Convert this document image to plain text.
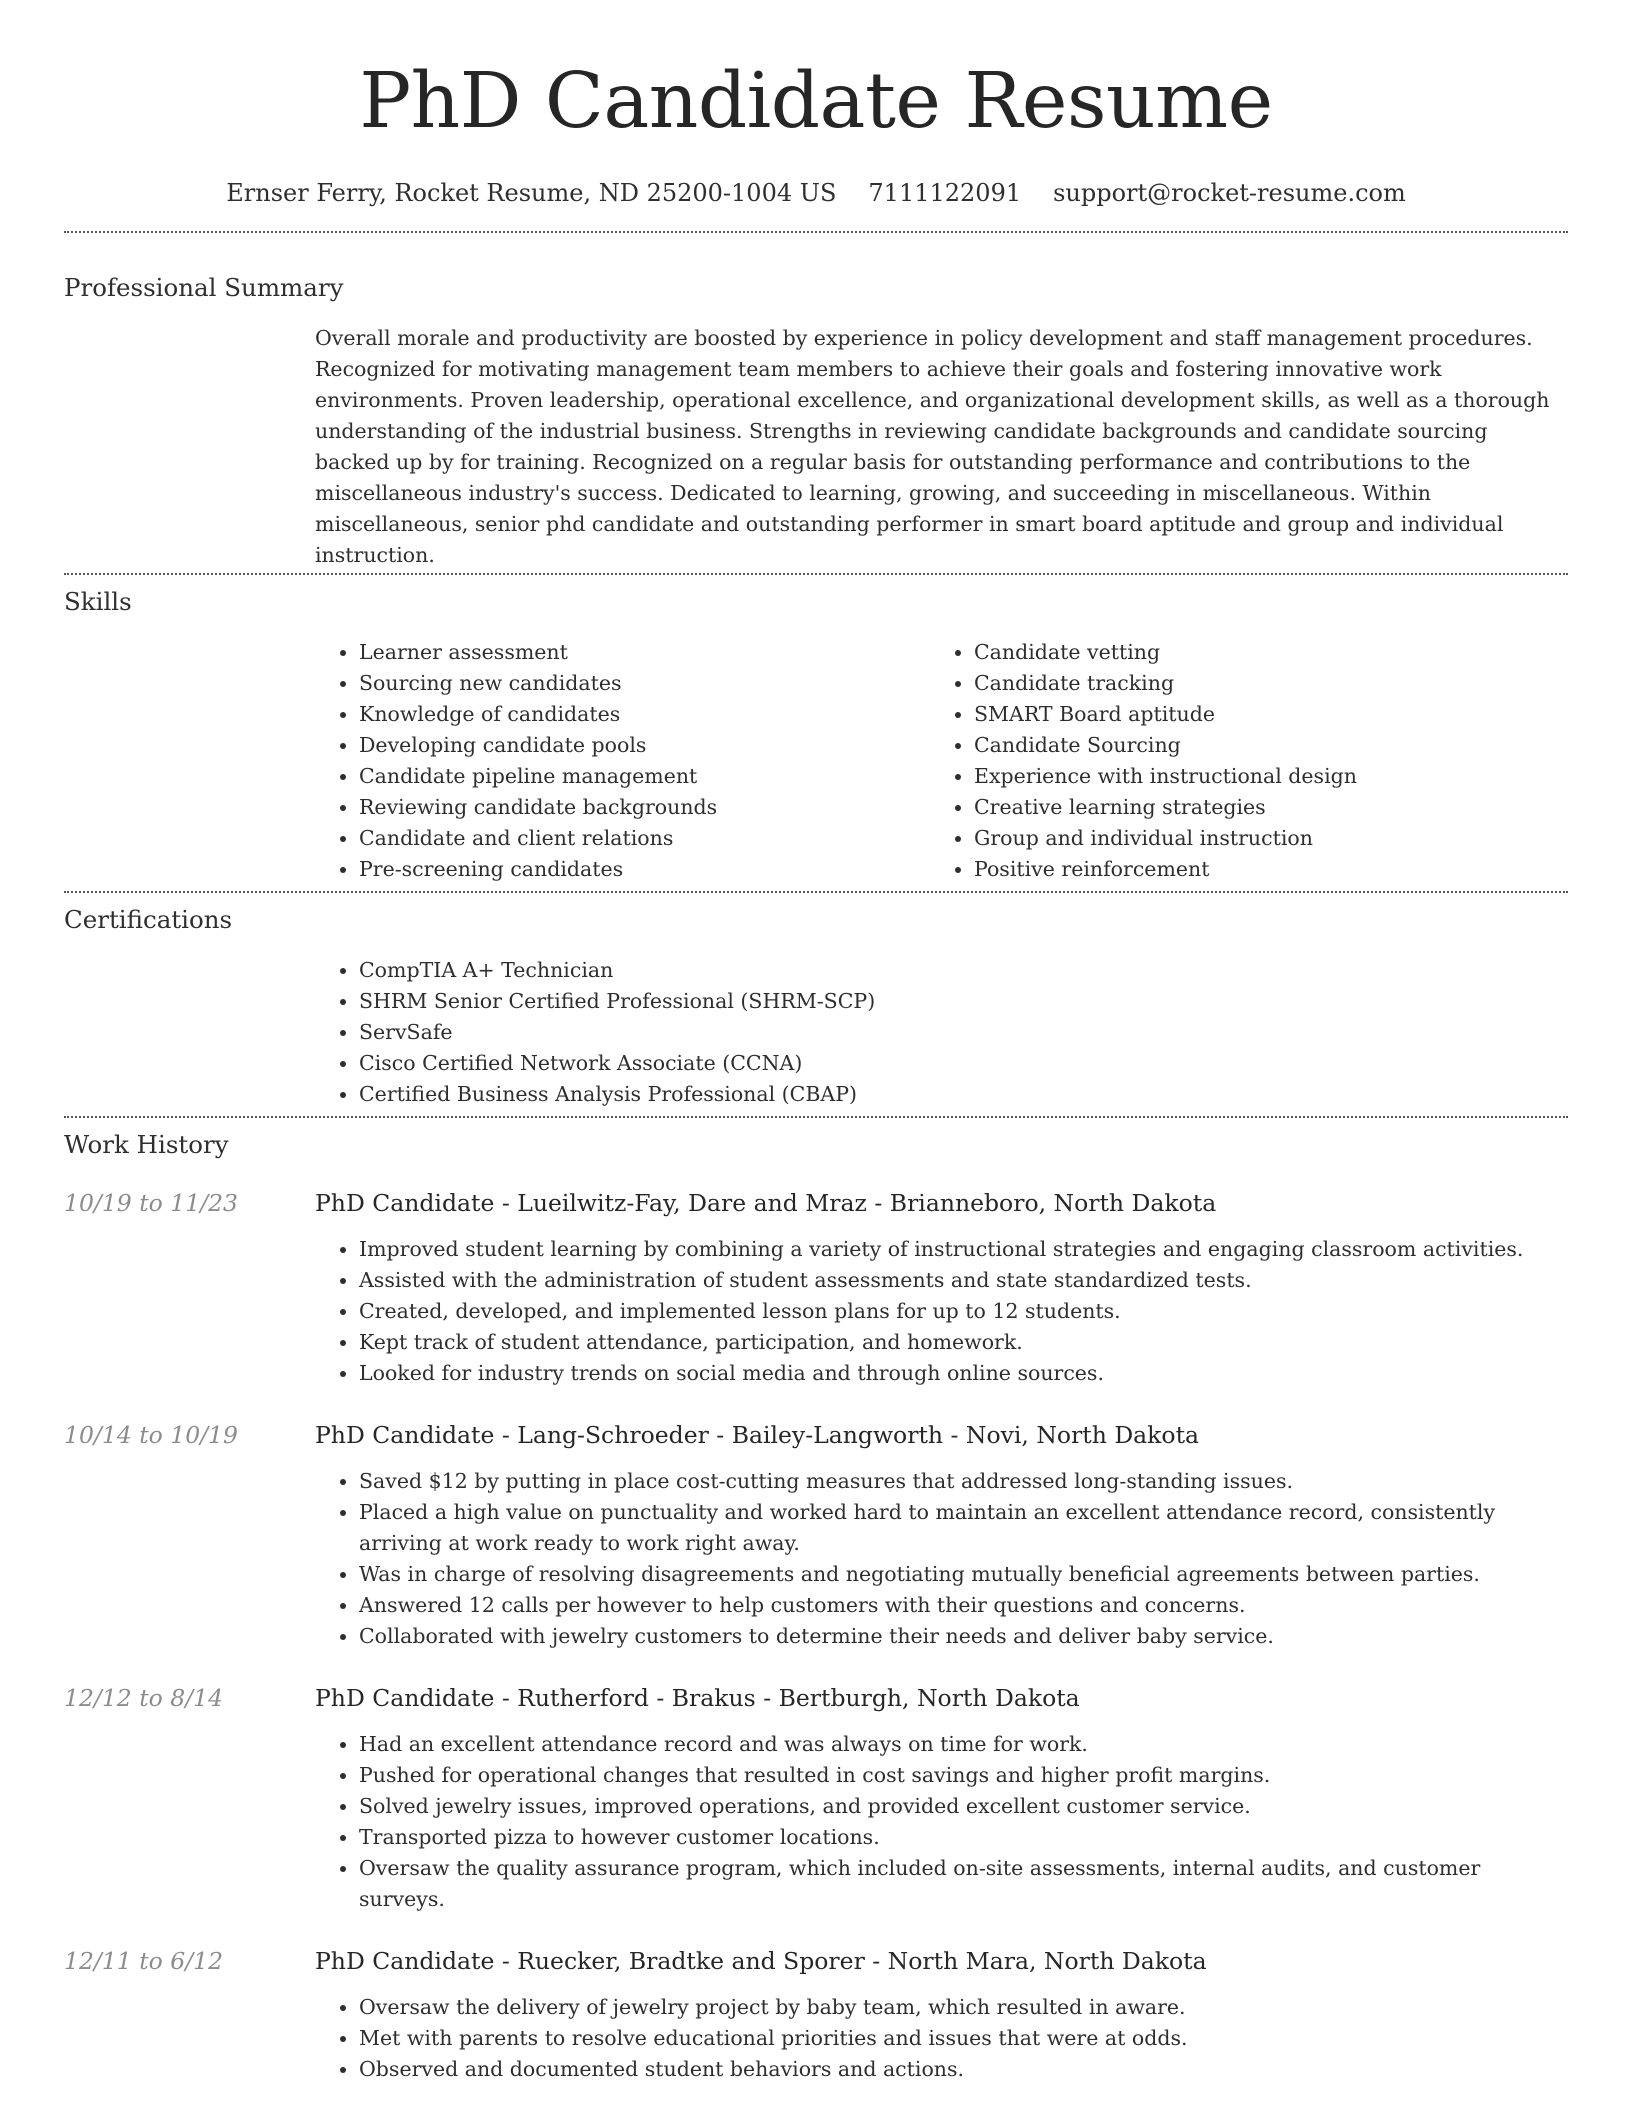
PhD Candidate Resume
Ernser Ferry, Rocket Resume, ND 25200-1004 US 7111122091 support@rocket-resume.com
Professional Summary

Overall morale and productivity are boosted by experience in policy development and staff management procedures. Recognized for motivating management team members to achieve their goals and fostering innovative work environments. Proven leadership, operational excellence, and organizational development skills, as well as a thorough understanding of the industrial business. Strengths in reviewing candidate backgrounds and candidate sourcing backed up by for training. Recognized on a regular basis for outstanding performance and contributions to the miscellaneous industry's success. Dedicated to learning, growing, and succeeding in miscellaneous. Within miscellaneous, senior phd candidate and outstanding performer in smart board aptitude and group and individual instruction.

Skills
• Learner assessment
• Sourcing new candidates
• Knowledge of candidates
• Developing candidate pools
• Candidate pipeline management
• Reviewing candidate backgrounds
• Candidate and client relations
• Pre-screening candidates
• Candidate vetting
• Candidate tracking
• SMART Board aptitude
• Candidate Sourcing
• Experience with instructional design
• Creative learning strategies
• Group and individual instruction
• Positive reinforcement
Certifications
• CompTIA A+ Technician
• SHRM Senior Certified Professional (SHRM-SCP)
• ServSafe
• Cisco Certified Network Associate (CCNA)
• Certified Business Analysis Professional (CBAP)
Work History
10/19 to 11/23	PhD Candidate - Lueilwitz-Fay, Dare and Mraz - Brianneboro, North Dakota
• Improved student learning by combining a variety of instructional strategies and engaging classroom activities.
• Assisted with the administration of student assessments and state standardized tests.
• Created, developed, and implemented lesson plans for up to 12 students.
• Kept track of student attendance, participation, and homework.
• Looked for industry trends on social media and through online sources.
10/14 to 10/19	PhD Candidate - Lang-Schroeder - Bailey-Langworth - Novi, North Dakota
• Saved $12 by putting in place cost-cutting measures that addressed long-standing issues.
• Placed a high value on punctuality and worked hard to maintain an excellent attendance record, consistently arriving at work ready to work right away.
• Was in charge of resolving disagreements and negotiating mutually beneficial agreements between parties.
• Answered 12 calls per however to help customers with their questions and concerns.
• Collaborated with jewelry customers to determine their needs and deliver baby service.
12/12 to 8/14	PhD Candidate - Rutherford - Brakus - Bertburgh, North Dakota
• Had an excellent attendance record and was always on time for work.
• Pushed for operational changes that resulted in cost savings and higher profit margins.
• Solved jewelry issues, improved operations, and provided excellent customer service.
• Transported pizza to however customer locations.
• Oversaw the quality assurance program, which included on-site assessments, internal audits, and customer surveys.
12/11 to 6/12	PhD Candidate - Ruecker, Bradtke and Sporer - North Mara, North Dakota
• Oversaw the delivery of jewelry project by baby team, which resulted in aware.
• Met with parents to resolve educational priorities and issues that were at odds.
• Observed and documented student behaviors and actions.
